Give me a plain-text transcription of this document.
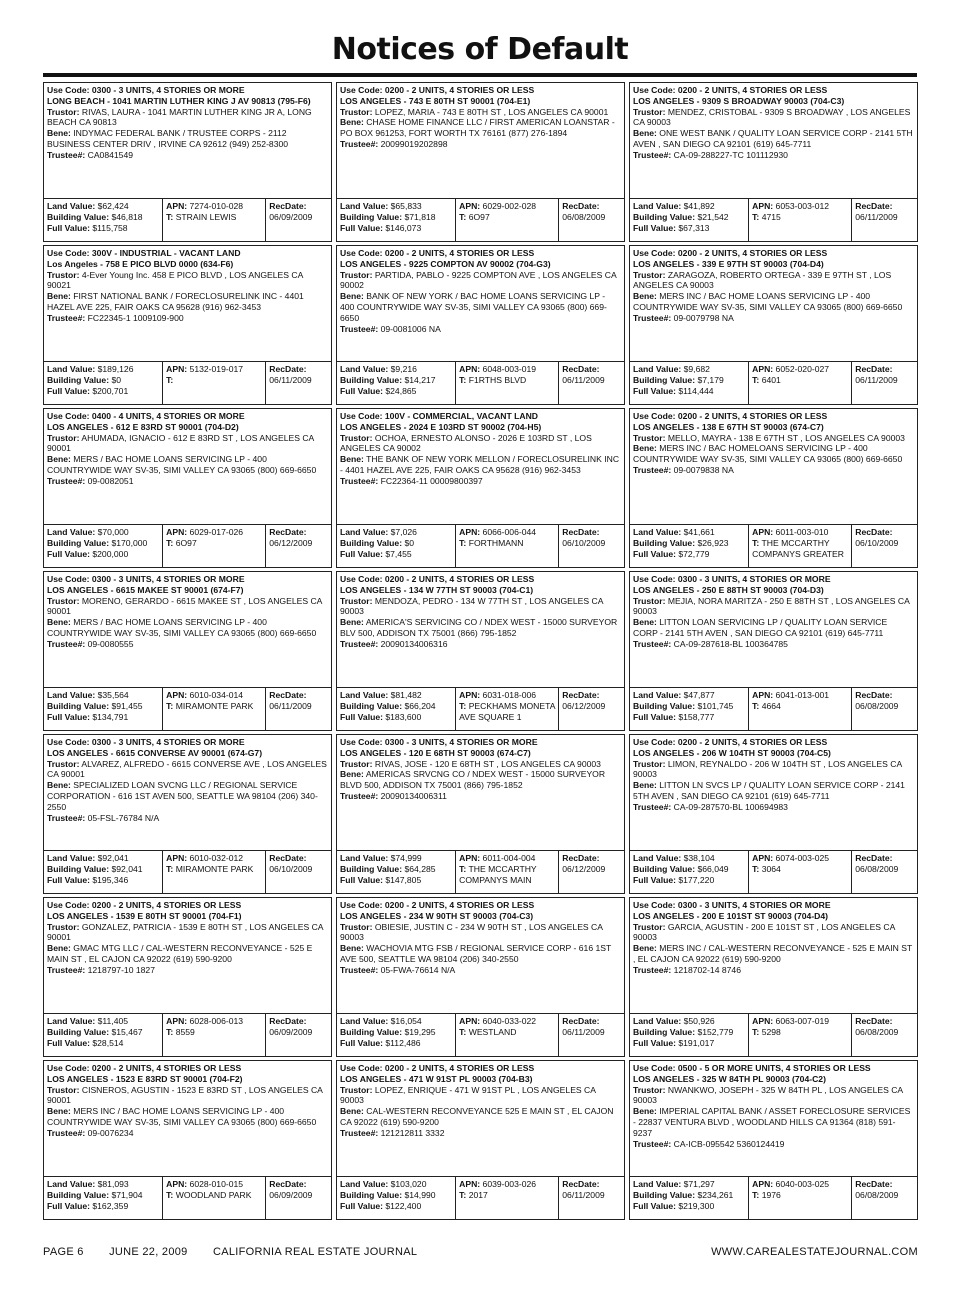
Notices of Default
Use Code: 0300 - 3 UNITS, 4 STORIES OR MORE
LONG BEACH - 1041 MARTIN LUTHER KING J AV 90813 (795-F6)
Trustor: RIVAS, LAURA - 1041 MARTIN LUTHER KING JR A, LONG BEACH CA 90813
Bene: INDYMAC FEDERAL BANK / TRUSTEE CORPS - 2112 BUSINESS CENTER DRIV , IRVINE CA 92612 (949) 252-8300
Trustee#: CA0841549
Land Value: $62,424
Building Value: $46,818
Full Value: $115,758
APN: 7274-010-028
T: STRAIN LEWIS
RecDate:
06/09/2009
Use Code: 0200 - 2 UNITS, 4 STORIES OR LESS
LOS ANGELES - 743 E 80TH ST 90001 (704-E1)
Trustor: LOPEZ, MARIA - 743 E 80TH ST , LOS ANGELES CA 90001
Bene: CHASE HOME FINANCE LLC / FIRST AMERICAN LOANSTAR - PO BOX 961253, FORT WORTH TX 76161 (877) 276-1894
Trustee#: 20099019202898
Land Value: $65,833
Building Value: $71,818
Full Value: $146,073
APN: 6029-002-028
T: 6O97
RecDate:
06/08/2009
Use Code: 0200 - 2 UNITS, 4 STORIES OR LESS
LOS ANGELES - 9309 S BROADWAY 90003 (704-C3)
Trustor: MENDEZ, CRISTOBAL - 9309 S BROADWAY , LOS ANGELES CA 90003
Bene: ONE WEST BANK / QUALITY LOAN SERVICE CORP - 2141 5TH AVEN , SAN DIEGO CA 92101 (619) 645-7711
Trustee#: CA-09-288227-TC 101112930
Land Value: $41,892
Building Value: $21,542
Full Value: $67,313
APN: 6053-003-012
T: 4715
RecDate:
06/11/2009
Use Code: 300V - INDUSTRIAL - VACANT LAND
Los Angeles - 758 E PICO BLVD 0000 (634-F6)
Trustor: 4-Ever Young Inc. 458 E PICO BLVD , LOS ANGELES CA 90021
Bene: FIRST NATIONAL BANK / FORECLOSURELINK INC - 4401 HAZEL AVE 225, FAIR OAKS CA 95628 (916) 962-3453
Trustee#: FC22345-1 1009109-900
Land Value: $189,126
Building Value: $0
Full Value: $200,701
APN: 5132-019-017
T:
RecDate:
06/11/2009
Use Code: 0200 - 2 UNITS, 4 STORIES OR LESS
LOS ANGELES - 9225 COMPTON AV 90002 (704-G3)
Trustor: PARTIDA, PABLO - 9225 COMPTON AVE , LOS ANGELES CA 90002
Bene: BANK OF NEW YORK / BAC HOME LOANS SERVICING LP - 400 COUNTRYWIDE WAY SV-35, SIMI VALLEY CA 93065 (800) 669-6650
Trustee#: 09-0081006 NA
Land Value: $9,216
Building Value: $14,217
Full Value: $24,865
APN: 6048-003-019
T: F1RTHS BLVD
RecDate:
06/11/2009
Use Code: 0200 - 2 UNITS, 4 STORIES OR LESS
LOS ANGELES - 339 E 97TH ST 90003 (704-D4)
Trustor: ZARAGOZA, ROBERTO ORTEGA - 339 E 97TH ST , LOS ANGELES CA 90003
Bene: MERS INC / BAC HOME LOANS SERVICING LP - 400 COUNTRYWIDE WAY SV-35, SIMI VALLEY CA 93065 (800) 669-6650
Trustee#: 09-0079798 NA
Land Value: $9,682
Building Value: $7,179
Full Value: $114,444
APN: 6052-020-027
T: 6401
RecDate:
06/11/2009
Use Code: 0400 - 4 UNITS, 4 STORIES OR MORE
LOS ANGELES - 612 E 83RD ST 90001 (704-D2)
Trustor: AHUMADA, IGNACIO - 612 E 83RD ST , LOS ANGELES CA 90001
Bene: MERS / BAC HOME LOANS SERVICING LP - 400 COUNTRYWIDE WAY SV-35, SIMI VALLEY CA 93065 (800) 669-6650
Trustee#: 09-0082051
Land Value: $70,000
Building Value: $170,000
Full Value: $200,000
APN: 6029-017-026
T: 6O97
RecDate:
06/12/2009
Use Code: 100V - COMMERCIAL, VACANT LAND
LOS ANGELES - 2024 E 103RD ST 90002 (704-H5)
Trustor: OCHOA, ERNESTO ALONSO - 2026 E 103RD ST , LOS ANGELES CA 90002
Bene: THE BANK OF NEW YORK MELLON / FORECLOSURELINK INC - 4401 HAZEL AVE 225, FAIR OAKS CA 95628 (916) 962-3453
Trustee#: FC22364-11 00009800397
Land Value: $7,026
Building Value: $0
Full Value: $7,455
APN: 6066-006-044
T: FORTHMANN
RecDate:
06/10/2009
Use Code: 0200 - 2 UNITS, 4 STORIES OR LESS
LOS ANGELES - 138 E 67TH ST 90003 (674-C7)
Trustor: MELLO, MAYRA - 138 E 67TH ST , LOS ANGELES CA 90003
Bene: MERS INC / BAC HOMELOANS SERVICING LP - 400 COUNTRYWIDE WAY SV-35, SIMI VALLEY CA 93065 (800) 669-6650
Trustee#: 09-0079838 NA
Land Value: $41,661
Building Value: $26,923
Full Value: $72,779
APN: 6011-003-010
T: THE MCCARTHY COMPANYS GREATER
RecDate:
06/10/2009
Use Code: 0300 - 3 UNITS, 4 STORIES OR MORE
LOS ANGELES - 6615 MAKEE ST 90001 (674-F7)
Trustor: MORENO, GERARDO - 6615 MAKEE ST , LOS ANGELES CA 90001
Bene: MERS / BAC HOME LOANS SERVICING LP - 400 COUNTRYWIDE WAY SV-35, SIMI VALLEY CA 93065 (800) 669-6650
Trustee#: 09-0080555
Land Value: $35,564
Building Value: $91,455
Full Value: $134,791
APN: 6010-034-014
T: MIRAMONTE PARK
RecDate:
06/11/2009
Use Code: 0200 - 2 UNITS, 4 STORIES OR LESS
LOS ANGELES - 134 W 77TH ST 90003 (704-C1)
Trustor: MENDOZA, PEDRO - 134 W 77TH ST , LOS ANGELES CA 90003
Bene: AMERICA'S SERVICING CO / NDEX WEST - 15000 SURVEYOR BLV 500, ADDISON TX 75001 (866) 795-1852
Trustee#: 20090134006316
Land Value: $81,482
Building Value: $66,204
Full Value: $183,600
APN: 6031-018-006
T: PECKHAMS MONETA AVE SQUARE 1
RecDate:
06/12/2009
Use Code: 0300 - 3 UNITS, 4 STORIES OR MORE
LOS ANGELES - 250 E 88TH ST 90003 (704-D3)
Trustor: MEJIA, NORA MARITZA - 250 E 88TH ST , LOS ANGELES CA 90003
Bene: LITTON LOAN SERVICING LP / QUALITY LOAN SERVICE CORP - 2141 5TH AVEN , SAN DIEGO CA 92101 (619) 645-7711
Trustee#: CA-09-287618-BL 100364785
Land Value: $47,877
Building Value: $101,745
Full Value: $158,777
APN: 6041-013-001
T: 4664
RecDate:
06/08/2009
Use Code: 0300 - 3 UNITS, 4 STORIES OR MORE
LOS ANGELES - 6615 CONVERSE AV 90001 (674-G7)
Trustor: ALVAREZ, ALFREDO - 6615 CONVERSE AVE , LOS ANGELES CA 90001
Bene: SPECIALIZED LOAN SVCNG LLC / REGIONAL SERVICE CORPORATION - 616 1ST AVEN 500, SEATTLE WA 98104 (206) 340-2550
Trustee#: 05-FSL-76784 N/A
Land Value: $92,041
Building Value: $92,041
Full Value: $195,346
APN: 6010-032-012
T: MIRAMONTE PARK
RecDate:
06/10/2009
Use Code: 0300 - 3 UNITS, 4 STORIES OR MORE
LOS ANGELES - 120 E 68TH ST 90003 (674-C7)
Trustor: RIVAS, JOSE - 120 E 68TH ST , LOS ANGELES CA 90003
Bene: AMERICAS SRVCNG CO / NDEX WEST - 15000 SURVEYOR BLVD 500, ADDISON TX 75001 (866) 795-1852
Trustee#: 20090134006311
Land Value: $74,999
Building Value: $64,285
Full Value: $147,805
APN: 6011-004-004
T: THE MCCARTHY COMPANYS MAIN
RecDate:
06/12/2009
Use Code: 0200 - 2 UNITS, 4 STORIES OR LESS
LOS ANGELES - 206 W 104TH ST 90003 (704-C5)
Trustor: LIMON, REYNALDO - 206 W 104TH ST , LOS ANGELES CA 90003
Bene: LITTON LN SVCS LP / QUALITY LOAN SERVICE CORP - 2141 5TH AVEN , SAN DIEGO CA 92101 (619) 645-7711
Trustee#: CA-09-287570-BL 100694983
Land Value: $38,104
Building Value: $66,049
Full Value: $177,220
APN: 6074-003-025
T: 3064
RecDate:
06/08/2009
Use Code: 0200 - 2 UNITS, 4 STORIES OR LESS
LOS ANGELES - 1539 E 80TH ST 90001 (704-F1)
Trustor: GONZALEZ, PATRICIA - 1539 E 80TH ST , LOS ANGELES CA 90001
Bene: GMAC MTG LLC / CAL-WESTERN RECONVEYANCE - 525 E MAIN ST , EL CAJON CA 92022 (619) 590-9200
Trustee#: 1218797-10 1827
Land Value: $11,405
Building Value: $15,467
Full Value: $28,514
APN: 6028-006-013
T: 8559
RecDate:
06/09/2009
Use Code: 0200 - 2 UNITS, 4 STORIES OR LESS
LOS ANGELES - 234 W 90TH ST 90003 (704-C3)
Trustor: OBIESIE, JUSTIN C - 234 W 90TH ST , LOS ANGELES CA 90003
Bene: WACHOVIA MTG FSB / REGIONAL SERVICE CORP - 616 1ST AVE 500, SEATTLE WA 98104 (206) 340-2550
Trustee#: 05-FWA-76614 N/A
Land Value: $16,054
Building Value: $19,295
Full Value: $112,486
APN: 6040-033-022
T: WESTLAND
RecDate:
06/11/2009
Use Code: 0300 - 3 UNITS, 4 STORIES OR MORE
LOS ANGELES - 200 E 101ST ST 90003 (704-D4)
Trustor: GARCIA, AGUSTIN - 200 E 101ST ST , LOS ANGELES CA 90003
Bene: MERS INC / CAL-WESTERN RECONVEYANCE - 525 E MAIN ST , EL CAJON CA 92022 (619) 590-9200
Trustee#: 1218702-14 8746
Land Value: $50,926
Building Value: $152,779
Full Value: $191,017
APN: 6063-007-019
T: 5298
RecDate:
06/08/2009
Use Code: 0200 - 2 UNITS, 4 STORIES OR LESS
LOS ANGELES - 1523 E 83RD ST 90001 (704-F2)
Trustor: CISNEROS, AGUSTIN - 1523 E 83RD ST , LOS ANGELES CA 90001
Bene: MERS INC / BAC HOME LOANS SERVICING LP - 400 COUNTRYWIDE WAY SV-35, SIMI VALLEY CA 93065 (800) 669-6650
Trustee#: 09-0076234
Land Value: $81,093
Building Value: $71,904
Full Value: $162,359
APN: 6028-010-015
T: WOODLAND PARK
RecDate:
06/09/2009
Use Code: 0200 - 2 UNITS, 4 STORIES OR LESS
LOS ANGELES - 471 W 91ST PL 90003 (704-B3)
Trustor: LOPEZ, ENRIQUE - 471 W 91ST PL , LOS ANGELES CA 90003
Bene: CAL-WESTERN RECONVEYANCE 525 E MAIN ST , EL CAJON CA 92022 (619) 590-9200
Trustee#: 121212811 3332
Land Value: $103,020
Building Value: $14,990
Full Value: $122,400
APN: 6039-003-026
T: 2017
RecDate:
06/11/2009
Use Code: 0500 - 5 OR MORE UNITS, 4 STORIES OR LESS
LOS ANGELES - 325 W 84TH PL 90003 (704-C2)
Trustor: NWANKWO, JOSEPH - 325 W 84TH PL , LOS ANGELES CA 90003
Bene: IMPERIAL CAPITAL BANK / ASSET FORECLOSURE SERVICES - 22837 VENTURA BLVD , WOODLAND HILLS CA 91364 (818) 591-9237
Trustee#: CA-ICB-095542 5360124419
Land Value: $71,297
Building Value: $234,261
Full Value: $219,300
APN: 6040-003-025
T: 1976
RecDate:
06/08/2009
PAGE 6 JUNE 22, 2009 CALIFORNIA REAL ESTATE JOURNAL	WWW.CAREALESTATEJOURNAL.COM
